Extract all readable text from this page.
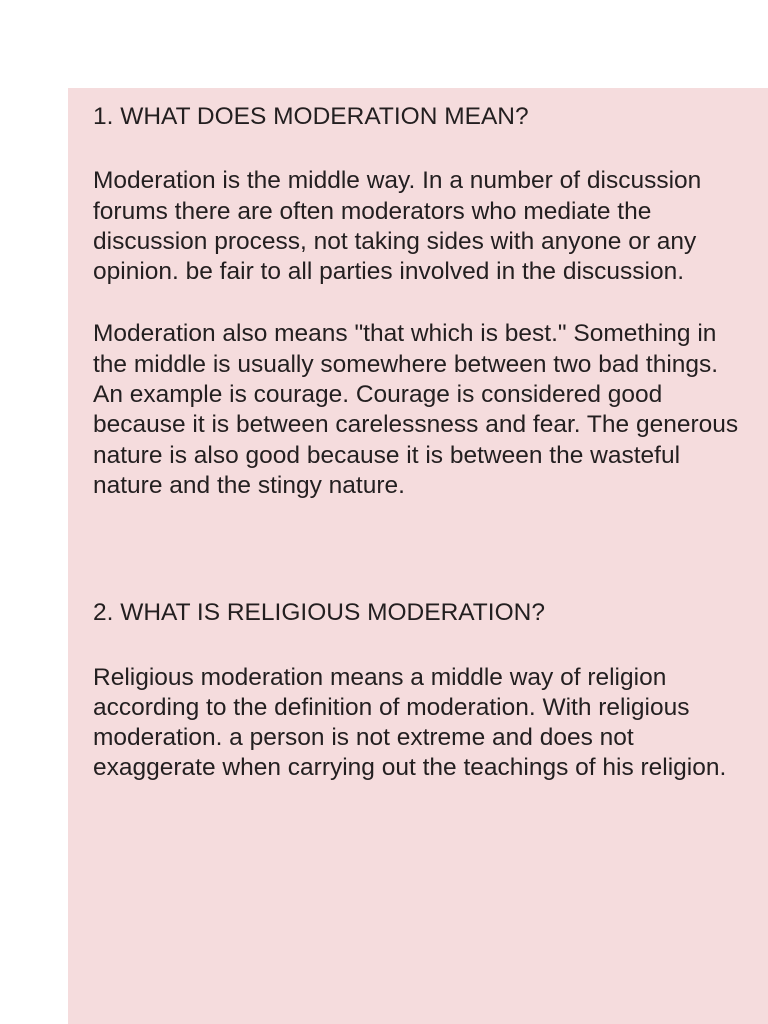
1. WHAT DOES MODERATION MEAN?

Moderation is the middle way. In a number of discussion forums there are often moderators who mediate the discussion process, not taking sides with anyone or any opinion. be fair to all parties involved in the discussion.

Moderation also means "that which is best." Something in the middle is usually somewhere between two bad things. An example is courage. Courage is considered good because it is between carelessness and fear. The generous nature is also good because it is between the wasteful nature and the stingy nature.

2. WHAT IS RELIGIOUS MODERATION?

Religious moderation means a middle way of religion according to the definition of moderation. With religious moderation. a person is not extreme and does not exaggerate when carrying out the teachings of his religion.
